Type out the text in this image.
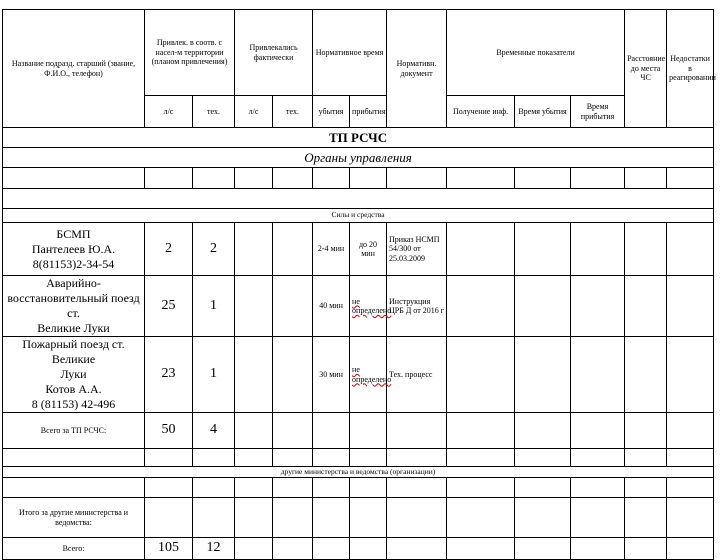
Название подразд. старший (звание, Ф.И.О., телефон)	Привлек. в соотв. с насел-м территории (планом привлечения)		Привлекались фактически		Нормативное время		Нормативн. документ	Временные показатели			Расстояние до места ЧС	Недостатки в реагировании
	л/с	тех.	л/с	тех.	убытия	прибытия		Получение инф.	Время убытия	Время прибытия		
ТП РСЧС												
Органы управления												

Силы и средства												

БСМП
Пантелеев Ю.А.
8(81153)2-34-54	2	2			2-4 мин	до 20 мин	Приказ НСМП 54/300 от 25.03.2009					

Аварийно-
восстановительный поезд ст.
Великие Луки	25	1			40 мин	не определено	Инструкция ЦРБ Д от 2016 г					

Пожарный поезд ст. Великие
Луки
Котов А.А.
8 (81153) 42-496	23	1			30 мин	не определено	Тех. процесс					
Всего за ТП РСЧС:	50	4										

другие министерства и ведомства (организации)												

Итого за другие министерства и ведомства:												
Всего:	105	12										
